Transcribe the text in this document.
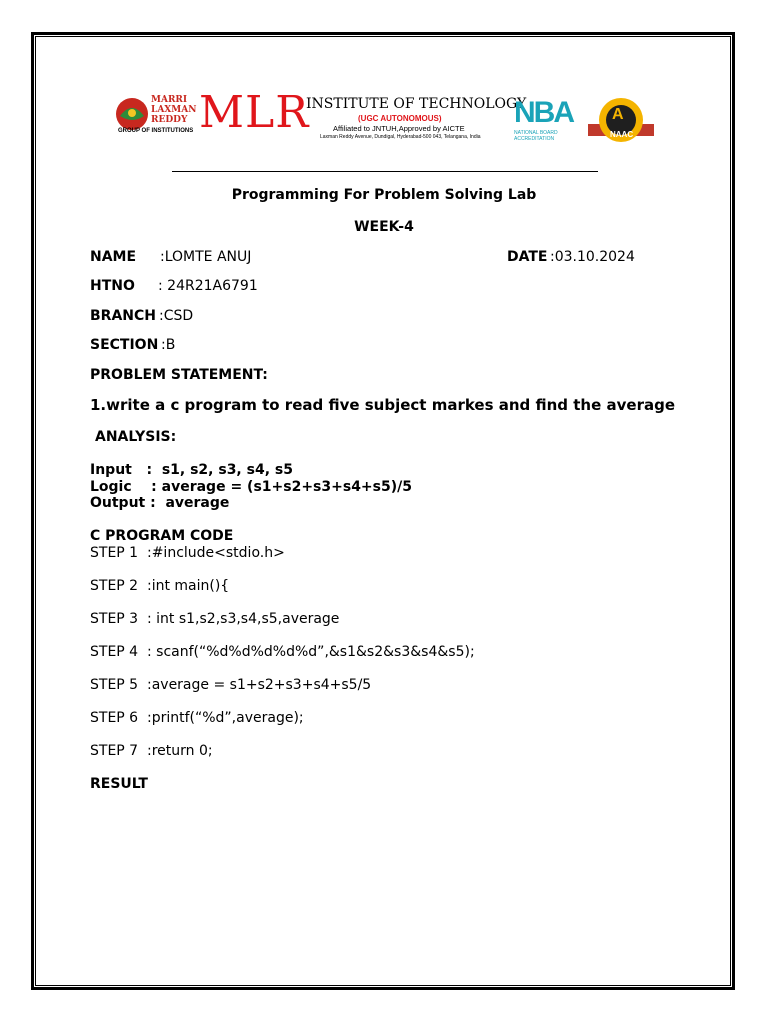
MARRI
LAXMAN
REDDY
GROUP OF INSTITUTIONS MLR
INSTITUTE OF TECHNOLOGY
(UGC AUTONOMOUS)
Affiliated to JNTUH,Approved by AICTE
Laxman Reddy Avenue, Dundigal, Hyderabad-500 043, Telangana, India
NBA
NATIONAL BOARD
ACCREDITATION
A
NAAC
Programming For Problem Solving Lab
WEEK-4
NAME :LOMTE ANUJ	DATE :03.10.2024
HTNO : 24R21A6791
BRANCH :CSD
SECTION :B
PROBLEM STATEMENT:
1.write a c program to read five subject markes and find the average
ANALYSIS:
Input   :  s1, s2, s3, s4, s5
Logic    : average = (s1+s2+s3+s4+s5)/5
Output :  average
C PROGRAM CODE
STEP 1  :#include<stdio.h>
STEP 2  :int main(){
STEP 3  : int s1,s2,s3,s4,s5,average
STEP 4  : scanf(“%d%d%d%d%d”,&s1&s2&s3&s4&s5);
STEP 5  :average = s1+s2+s3+s4+s5/5
STEP 6  :printf(“%d”,average);
STEP 7  :return 0;
RESULT
